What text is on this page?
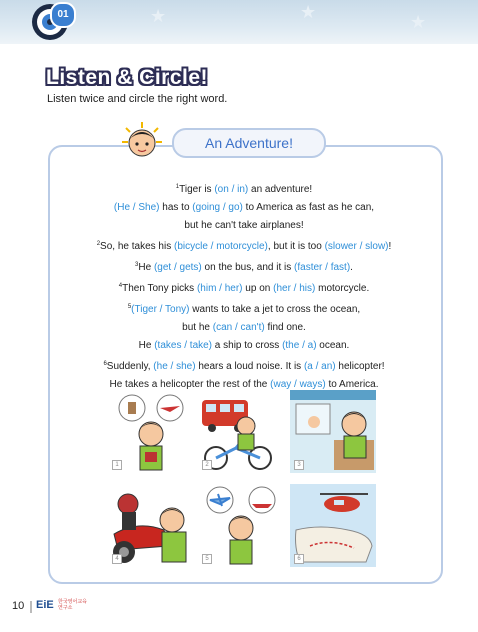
★	★	★
01
Listen & Circle!
Listen twice and circle the right word.
An Adventure!
$^1$Tiger is (on / in) an adventure!
(He / She) has to (going / go) to America as fast as he can,
but he can't take airplanes!
$^2$So, he takes his (bicycle / motorcycle), but it is too (slower / slow)!
$^3$He (get / gets) on the bus, and it is (faster / fast).
$^4$Then Tony picks (him / her) up on (her / his) motorcycle.
$^5$(Tiger / Tony) wants to take a jet to cross the ocean,
but he (can / can't) find one.
He (takes / take) a ship to cross (the / a) ocean.
$^6$Suddenly, (he / she) hears a loud noise. It is (a / an) helicopter!
He takes a helicopter the rest of the (way / ways) to America.
1	2	3
4	5	6
10 EiE 한국영어교육
연구소
